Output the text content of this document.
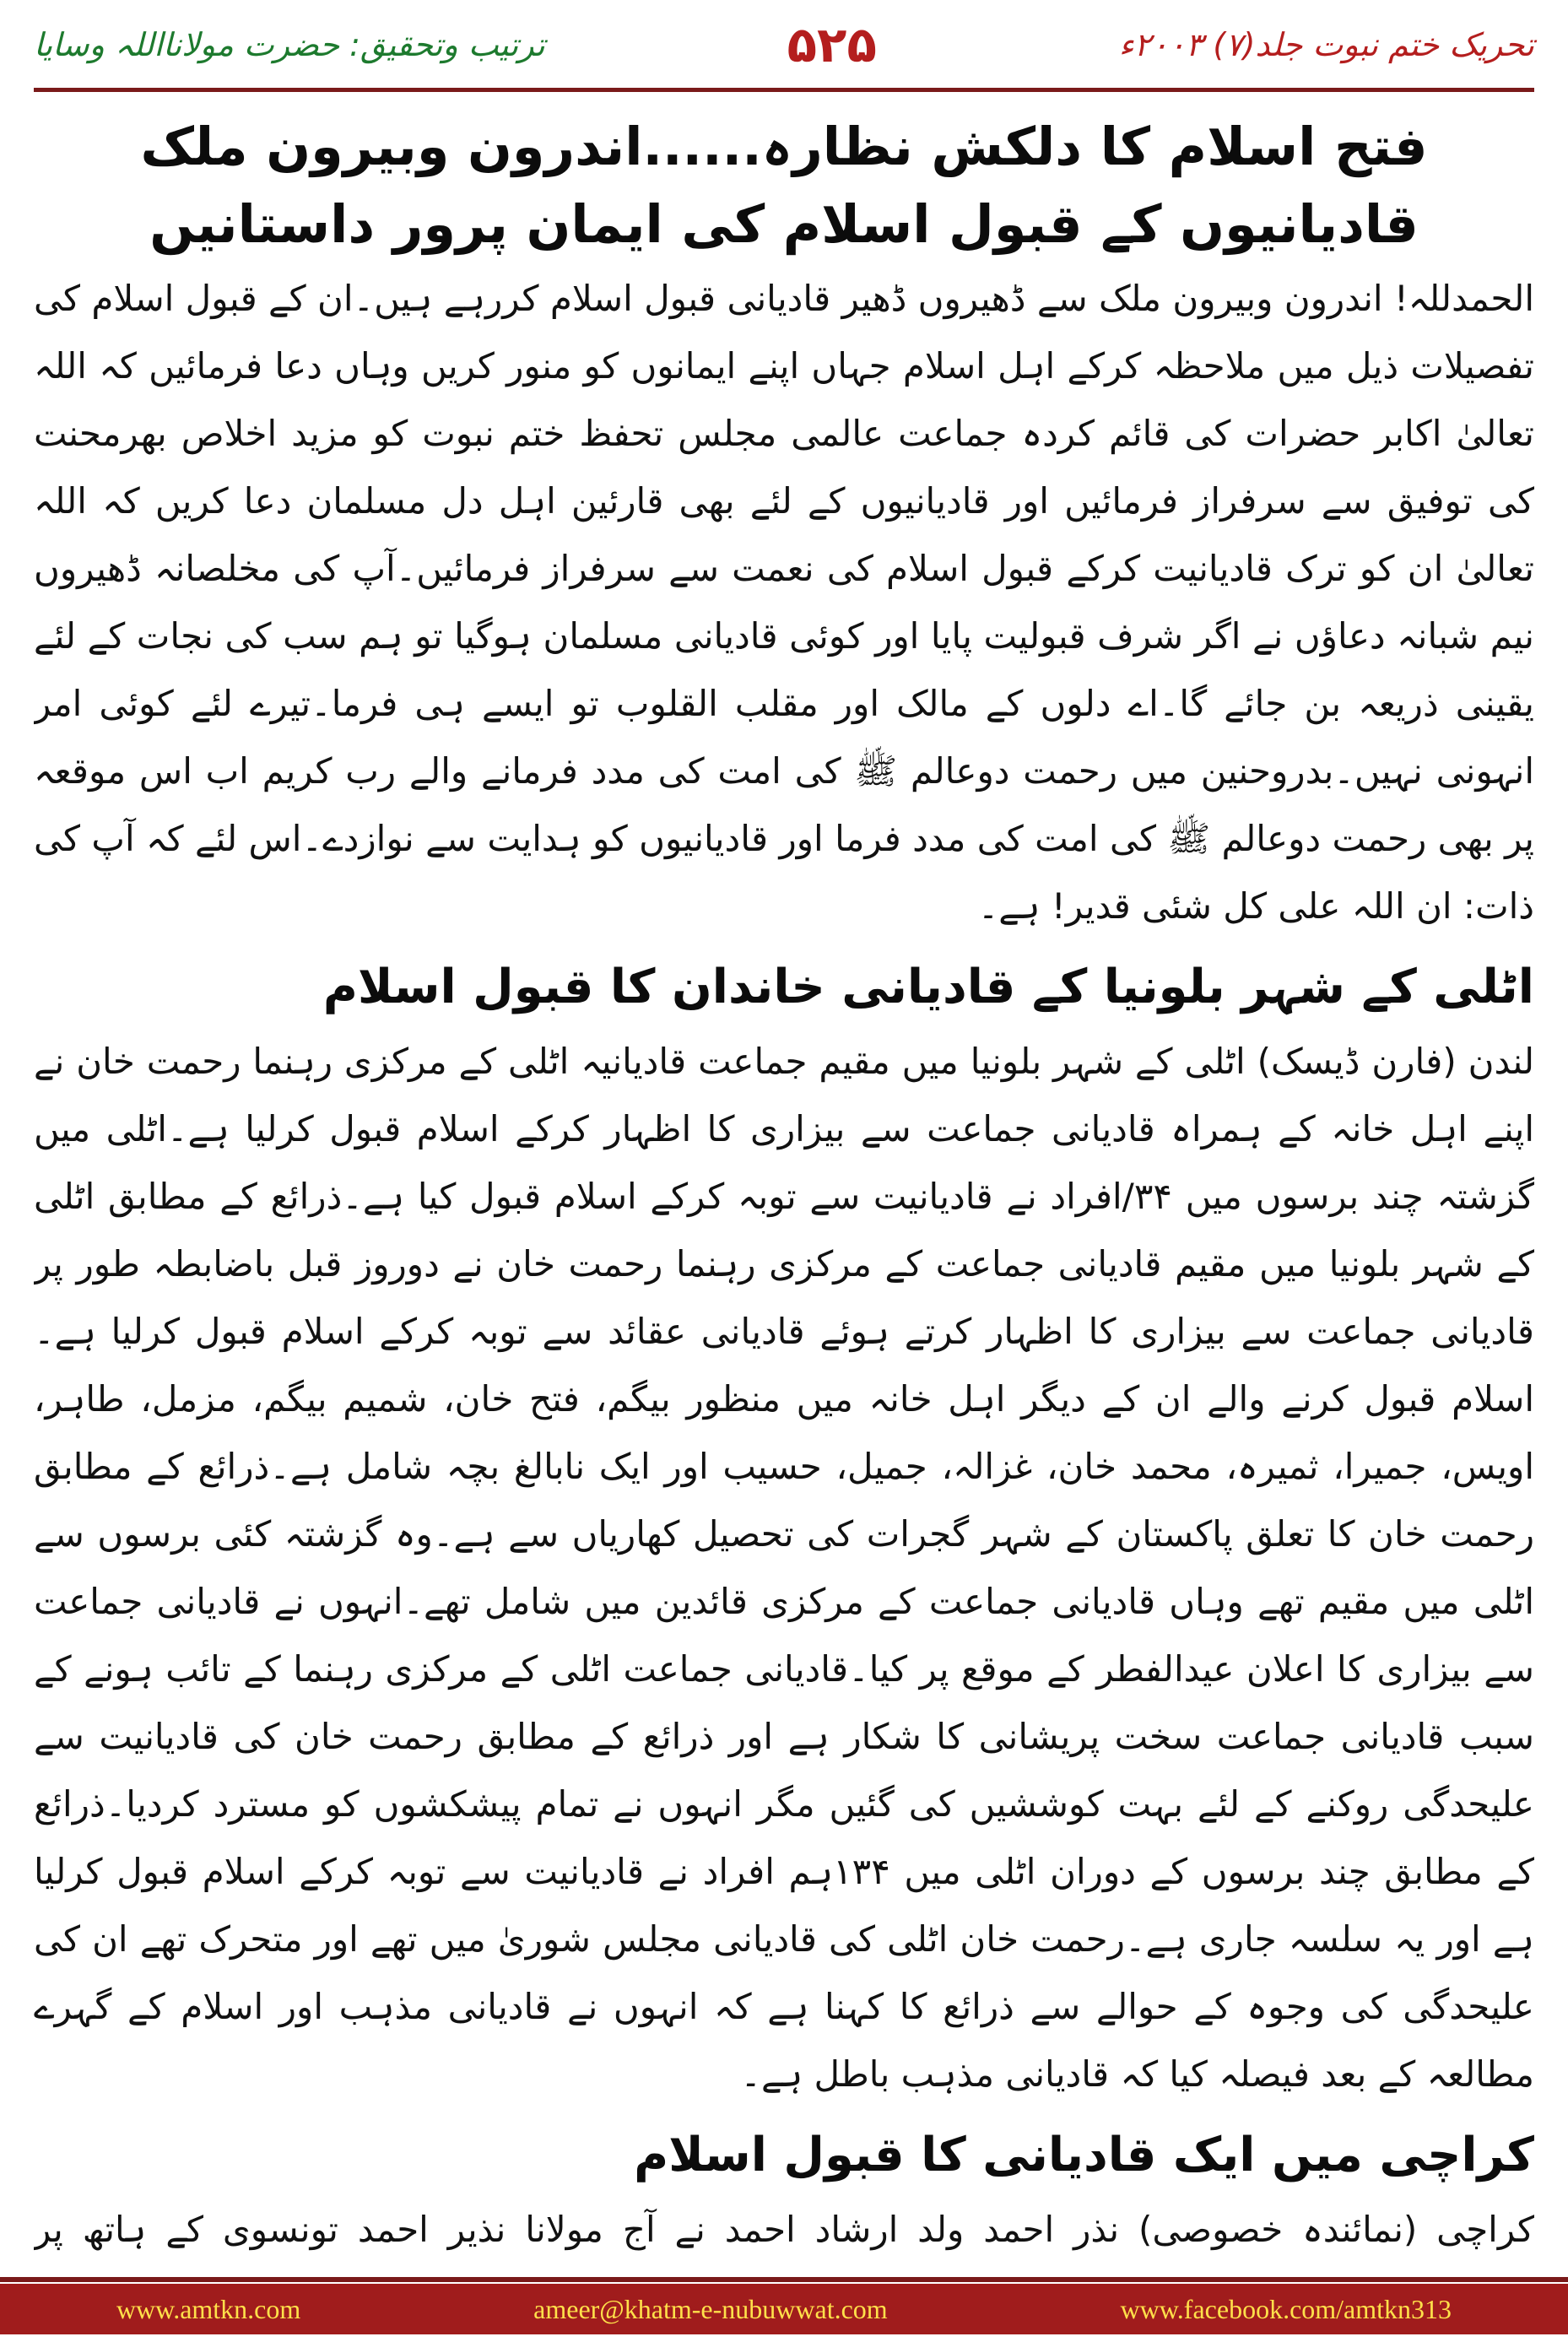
ترتیب وتحقیق: حضرت مولانااللہ وسایا	۵۲۵	تحریک ختم نبوت جلد(۷) ۲۰۰۳ء
فتح اسلام کا دلکش نظارہ......اندرون وبیرون ملک قادیانیوں کے قبول اسلام کی ایمان پرور داستانیں

الحمدللہ! اندرون وبیرون ملک سے ڈھیروں ڈھیر قادیانی قبول اسلام کررہے ہیں۔ان کے قبول اسلام کی تفصیلات ذیل میں ملاحظہ کرکے اہل اسلام جہاں اپنے ایمانوں کو منور کریں وہاں دعا فرمائیں کہ اللہ تعالیٰ اکابر حضرات کی قائم کردہ جماعت عالمی مجلس تحفظ ختم نبوت کو مزید اخلاص بھرمحنت کی توفیق سے سرفراز فرمائیں اور قادیانیوں کے لئے بھی قارئین اہل دل مسلمان دعا کریں کہ اللہ تعالیٰ ان کو ترک قادیانیت کرکے قبول اسلام کی نعمت سے سرفراز فرمائیں۔آپ کی مخلصانہ ڈھیروں نیم شبانہ دعاؤں نے اگر شرف قبولیت پایا اور کوئی قادیانی مسلمان ہوگیا تو ہم سب کی نجات کے لئے یقینی ذریعہ بن جائے گا۔اے دلوں کے مالک اور مقلب القلوب تو ایسے ہی فرما۔تیرے لئے کوئی امر انہونی نہیں۔بدروحنین میں رحمت دوعالم ﷺ کی امت کی مدد فرمانے والے رب کریم اب اس موقعہ پر بھی رحمت دوعالم ﷺ کی امت کی مدد فرما اور قادیانیوں کو ہدایت سے نوازدے۔اس لئے کہ آپ کی ذات: ان اللہ علی کل شئی قدیر! ہے۔

اٹلی کے شہر بلونیا کے قادیانی خاندان کا قبول اسلام

لندن (فارن ڈیسک) اٹلی کے شہر بلونیا میں مقیم جماعت قادیانیہ اٹلی کے مرکزی رہنما رحمت خان نے اپنے اہل خانہ کے ہمراہ قادیانی جماعت سے بیزاری کا اظہار کرکے اسلام قبول کرلیا ہے۔اٹلی میں گزشتہ چند برسوں میں ۳۴/افراد نے قادیانیت سے توبہ کرکے اسلام قبول کیا ہے۔ذرائع کے مطابق اٹلی کے شہر بلونیا میں مقیم قادیانی جماعت کے مرکزی رہنما رحمت خان نے دوروز قبل باضابطہ طور پر قادیانی جماعت سے بیزاری کا اظہار کرتے ہوئے قادیانی عقائد سے توبہ کرکے اسلام قبول کرلیا ہے۔اسلام قبول کرنے والے ان کے دیگر اہل خانہ میں منظور بیگم، فتح خان، شمیم بیگم، مزمل، طاہر، اویس، جمیرا، ثمیرہ، محمد خان، غزالہ، جمیل، حسیب اور ایک نابالغ بچہ شامل ہے۔ذرائع کے مطابق رحمت خان کا تعلق پاکستان کے شہر گجرات کی تحصیل کھاریاں سے ہے۔وہ گزشتہ کئی برسوں سے اٹلی میں مقیم تھے وہاں قادیانی جماعت کے مرکزی قائدین میں شامل تھے۔انہوں نے قادیانی جماعت سے بیزاری کا اعلان عیدالفطر کے موقع پر کیا۔قادیانی جماعت اٹلی کے مرکزی رہنما کے تائب ہونے کے سبب قادیانی جماعت سخت پریشانی کا شکار ہے اور ذرائع کے مطابق رحمت خان کی قادیانیت سے علیحدگی روکنے کے لئے بہت کوششیں کی گئیں مگر انہوں نے تمام پیشکشوں کو مسترد کردیا۔ذرائع کے مطابق چند برسوں کے دوران اٹلی میں ۱۳۴ہم افراد نے قادیانیت سے توبہ کرکے اسلام قبول کرلیا ہے اور یہ سلسہ جاری ہے۔رحمت خان اٹلی کی قادیانی مجلس شوریٰ میں تھے اور متحرک تھے ان کی علیحدگی کی وجوہ کے حوالے سے ذرائع کا کہنا ہے کہ انہوں نے قادیانی مذہب اور اسلام کے گہرے مطالعہ کے بعد فیصلہ کیا کہ قادیانی مذہب باطل ہے۔

کراچی میں ایک قادیانی کا قبول اسلام

کراچی (نمائندہ خصوصی) نذر احمد ولد ارشاد احمد نے آج مولانا نذیر احمد تونسوی کے ہاتھ پر

www.amtkn.com	ameer@khatm-e-nubuwwat.com	www.facebook.com/amtkn313
